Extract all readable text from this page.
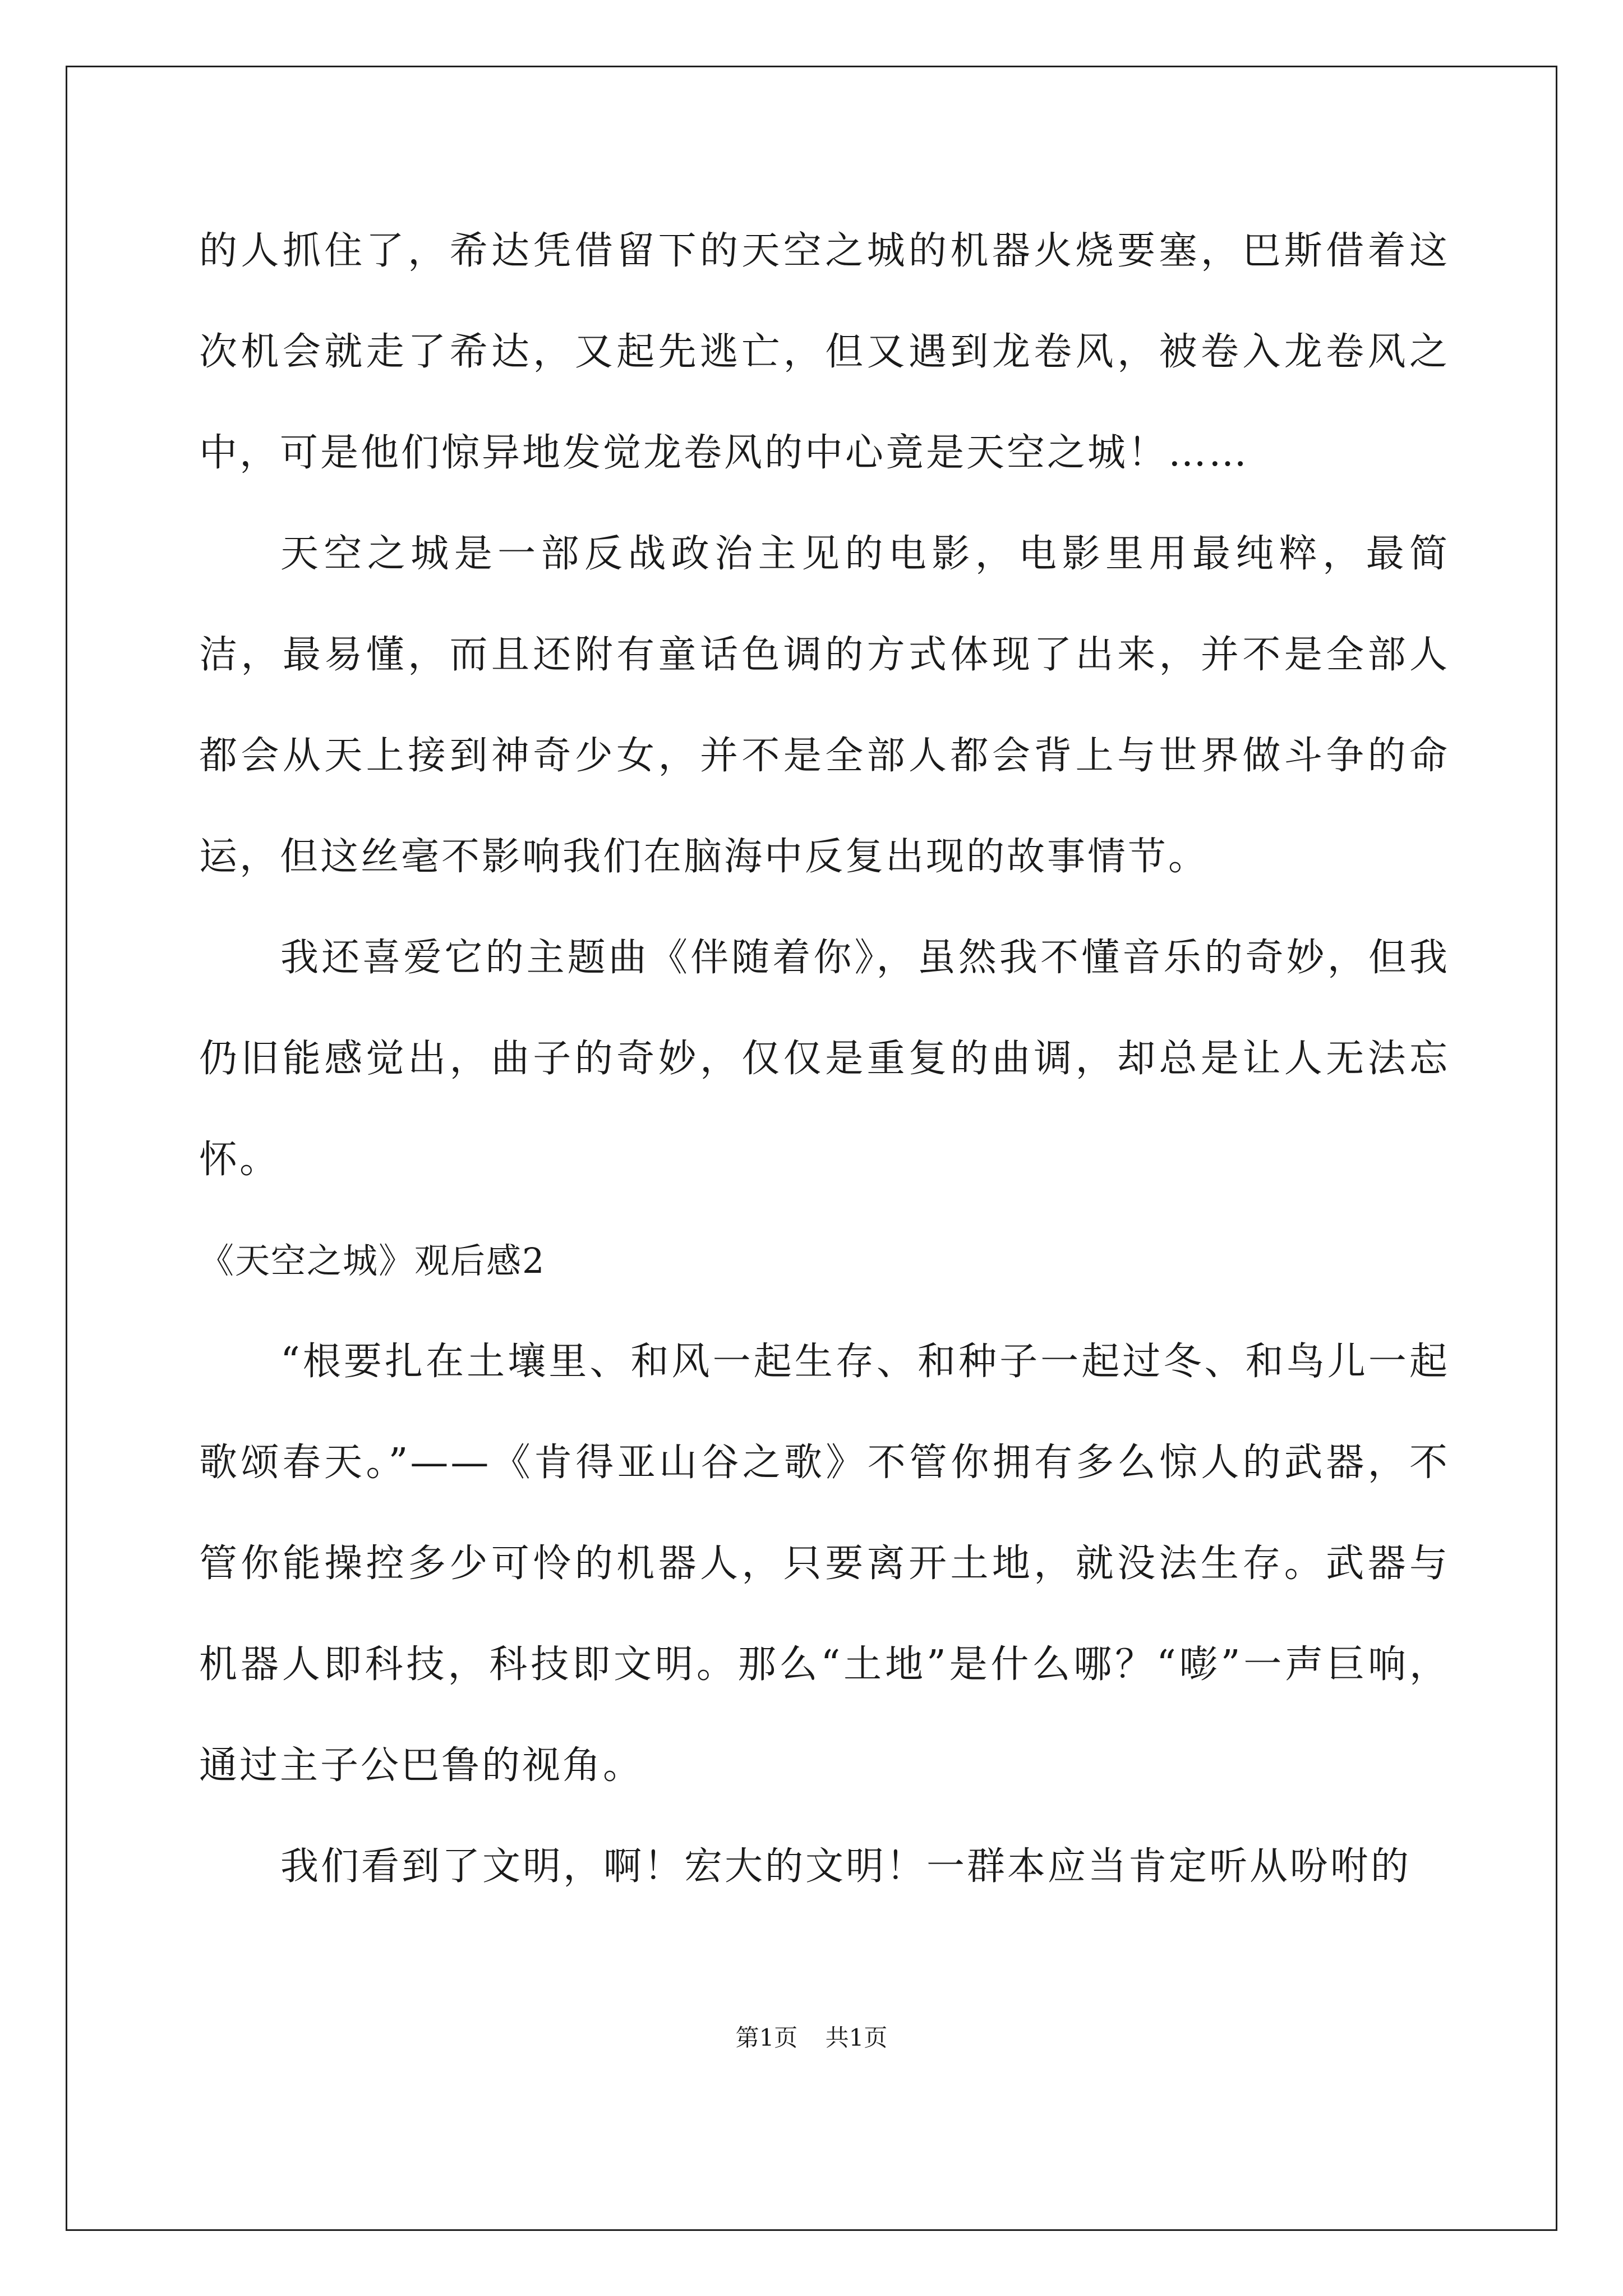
的人抓住了，希达凭借留下的天空之城的机器火烧要塞，巴斯借着这次机会就走了希达，又起先逃亡，但又遇到龙卷风，被卷入龙卷风之中，可是他们惊异地发觉龙卷风的中心竟是天空之城！……

天空之城是一部反战政治主见的电影，电影里用最纯粹，最简洁，最易懂，而且还附有童话色调的方式体现了出来，并不是全部人都会从天上接到神奇少女，并不是全部人都会背上与世界做斗争的命运，但这丝毫不影响我们在脑海中反复出现的故事情节。

我还喜爱它的主题曲《伴随着你》，虽然我不懂音乐的奇妙，但我仍旧能感觉出，曲子的奇妙，仅仅是重复的曲调，却总是让人无法忘怀。

《天空之城》观后感2

“根要扎在土壤里、和风一起生存、和种子一起过冬、和鸟儿一起歌颂春天。”——《肯得亚山谷之歌》不管你拥有多么惊人的武器，不管你能操控多少可怜的机器人，只要离开土地，就没法生存。武器与机器人即科技，科技即文明。那么“土地”是什么哪？“嘭”一声巨响，通过主子公巴鲁的视角。

我们看到了文明，啊！宏大的文明！一群本应当肯定听从吩咐的

第1页 共1页
